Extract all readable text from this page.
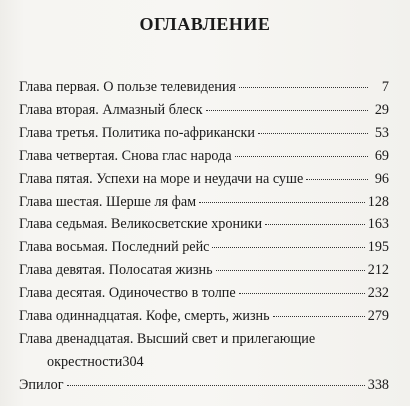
ОГЛАВЛЕНИЕ
Глава первая. О пользе телевидения	7
Глава вторая. Алмазный блеск	29
Глава третья. Политика по-африкански	53
Глава четвертая. Снова глас народа	69
Глава пятая. Успехи на море и неудачи на суше	96
Глава шестая. Шерше ля фам	128
Глава седьмая. Великосветские хроники	163
Глава восьмая. Последний рейс	195
Глава девятая. Полосатая жизнь	212
Глава десятая. Одиночество в толпе	232
Глава одиннадцатая. Кофе, смерть, жизнь	279
Глава двенадцатая. Высший свет и прилегающие
окрестности 304
Эпилог	338
